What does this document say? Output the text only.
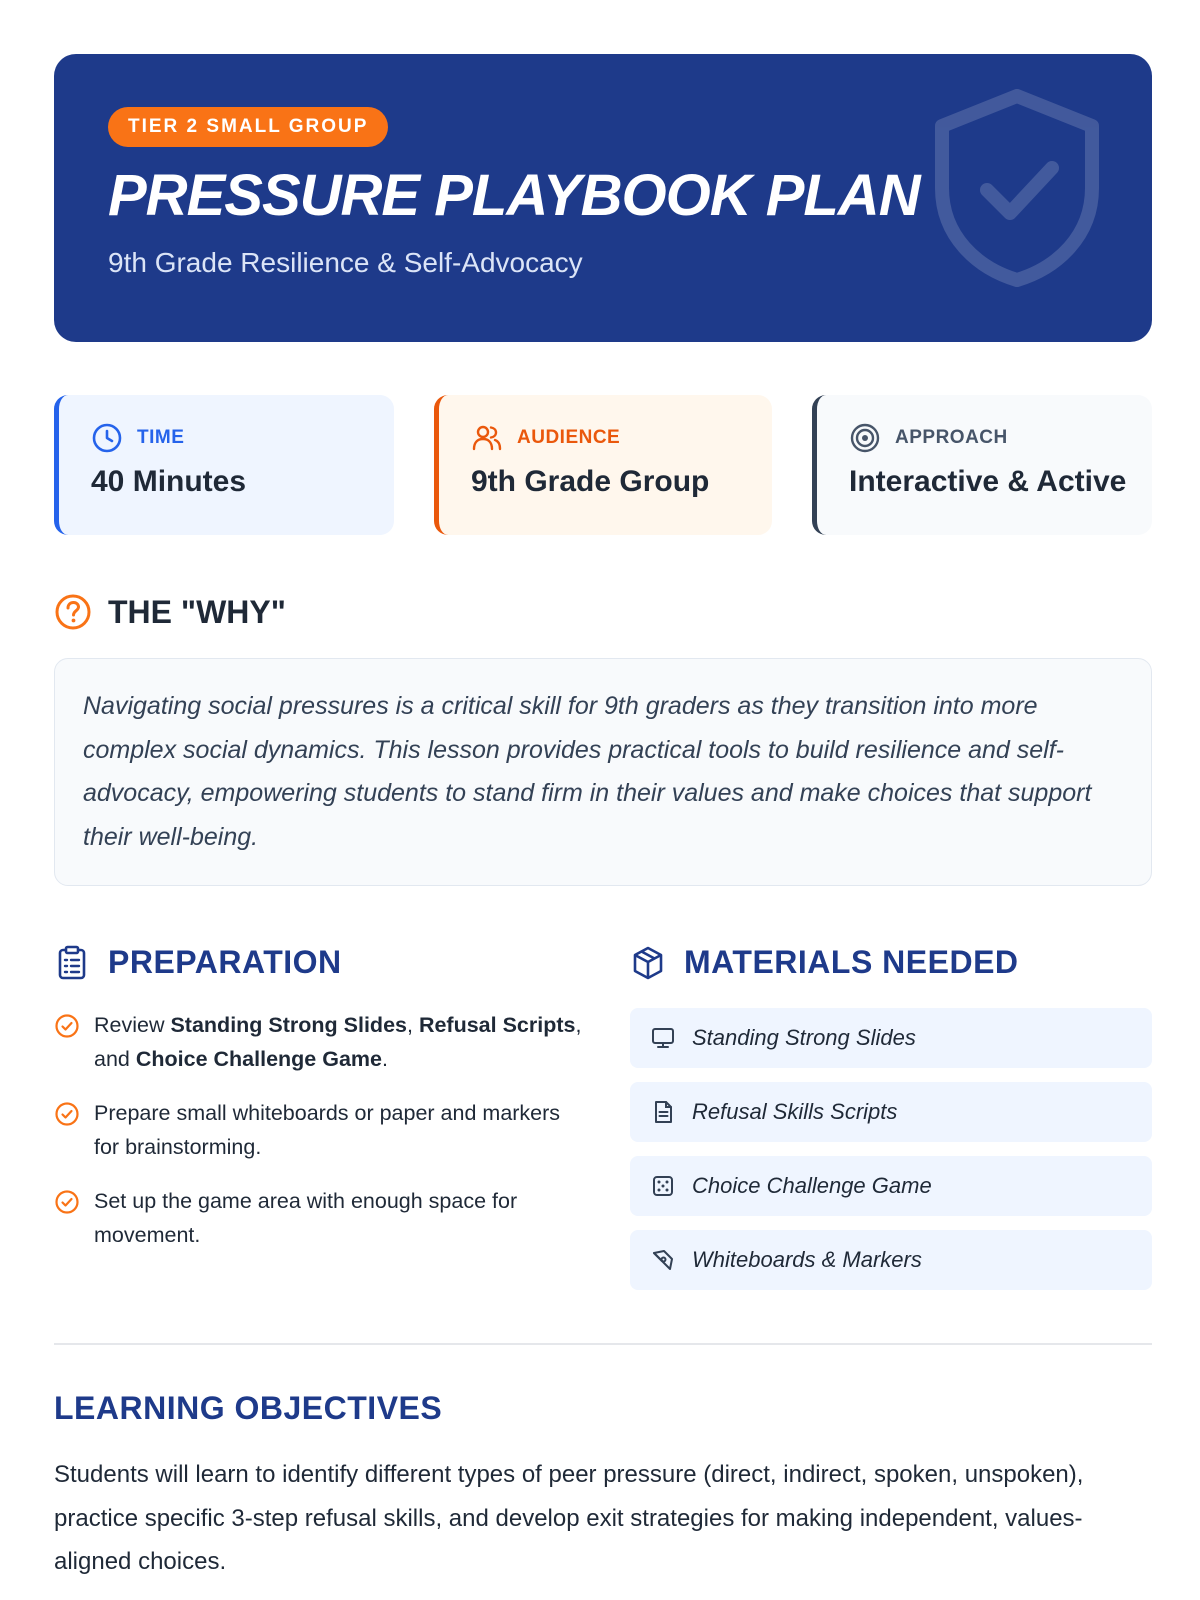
TIER 2 SMALL GROUP
PRESSURE PLAYBOOK PLAN
9th Grade Resilience & Self-Advocacy
TIME
40 Minutes
AUDIENCE
9th Grade Group
APPROACH
Interactive & Active
THE "WHY"

Navigating social pressures is a critical skill for 9th graders as they transition into more complex social dynamics. This lesson provides practical tools to build resilience and self-advocacy, empowering students to stand firm in their values and make choices that support their well-being.

PREPARATION
Review Standing Strong Slides, Refusal Scripts, and Choice Challenge Game.
Prepare small whiteboards or paper and markers for brainstorming.
Set up the game area with enough space for movement.
MATERIALS NEEDED
Standing Strong Slides
Refusal Skills Scripts
Choice Challenge Game
Whiteboards & Markers
LEARNING OBJECTIVES

Students will learn to identify different types of peer pressure (direct, indirect, spoken, unspoken), practice specific 3-step refusal skills, and develop exit strategies for making independent, values-aligned choices.
